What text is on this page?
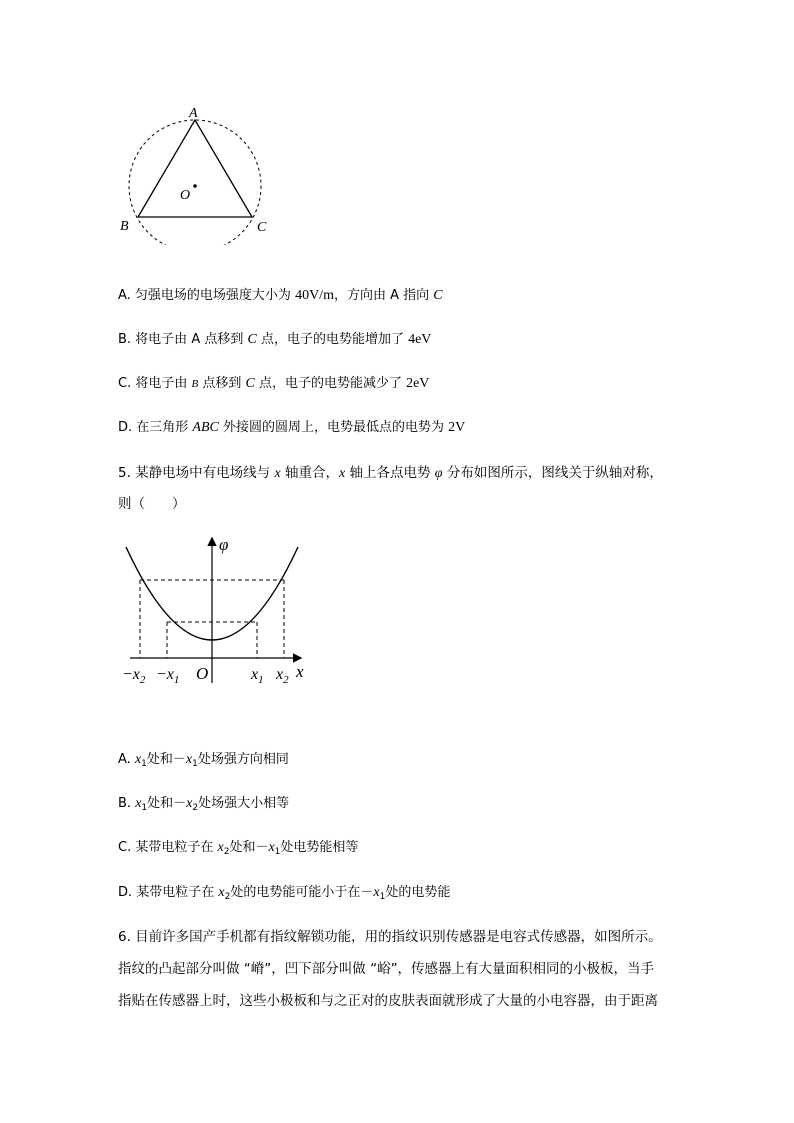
A
O
B	C
A. 匀强电场的电场强度大小为 40V/m，方向由 A 指向 C
B. 将电子由 A 点移到 C 点，电子的电势能增加了 4eV
C. 将电子由 B 点移到 C 点，电子的电势能减少了 2eV
D. 在三角形 ABC 外接圆的圆周上，电势最低点的电势为 2V
5. 某静电场中有电场线与 x 轴重合，x 轴上各点电势 φ 分布如图所示，图线关于纵轴对称，
则（　　）
φ
O	x
$-x_2 -x_1$	$x_1$ $x_2$
A. $x_1$处和$-x_1$处场强方向相同
B. $x_1$处和$-x_2$处场强大小相等
C. 某带电粒子在 $x_2$处和$-x_1$处电势能相等
D. 某带电粒子在 $x_2$处的电势能可能小于在$-x_1$处的电势能
6. 目前许多国产手机都有指纹解锁功能，用的指纹识别传感器是电容式传感器，如图所示。
指纹的凸起部分叫做 “嵴”，凹下部分叫做 “峪”，传感器上有大量面积相同的小极板，当手
指贴在传感器上时，这些小极板和与之正对的皮肤表面就形成了大量的小电容器，由于距离
